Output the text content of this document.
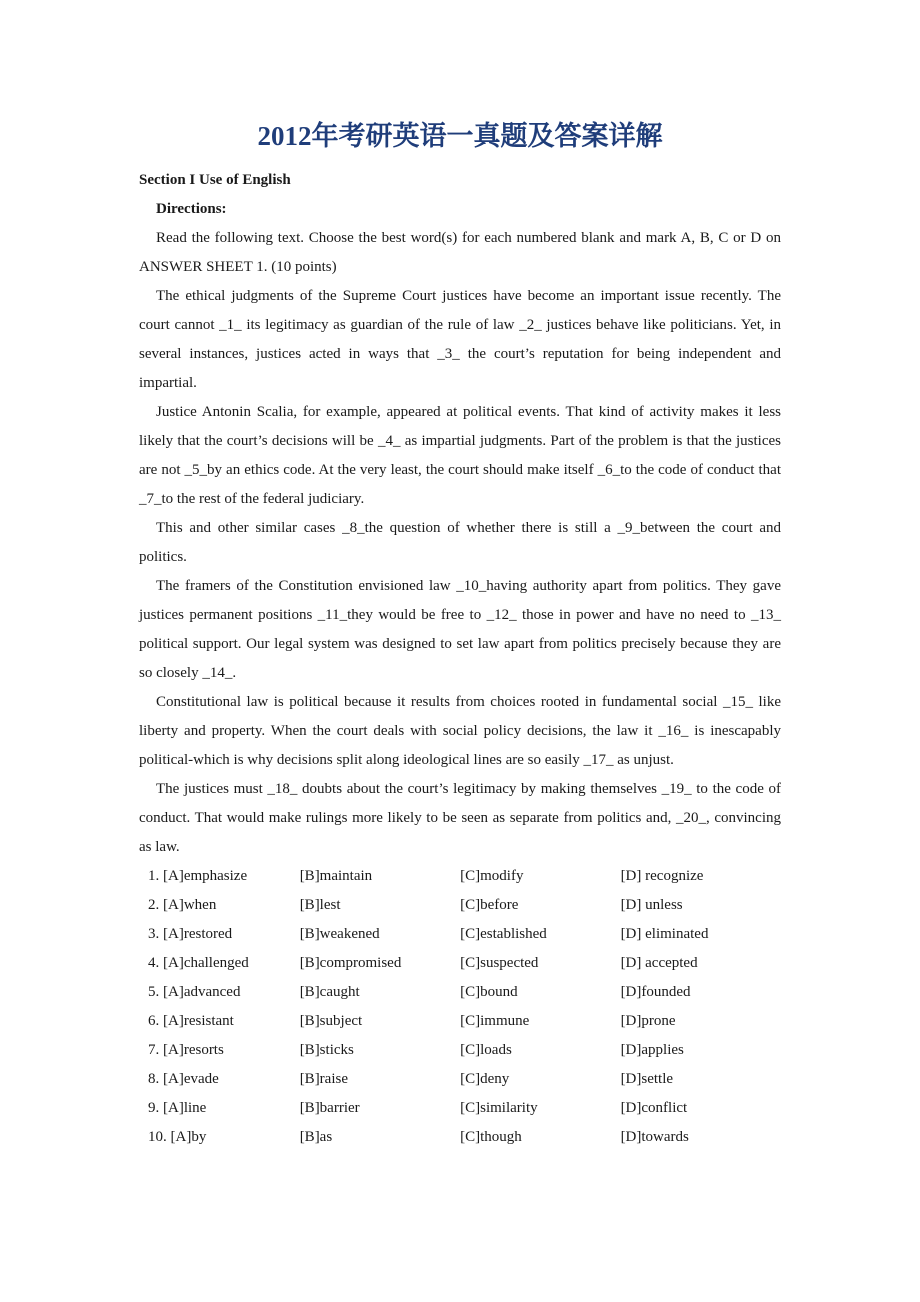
2012年考研英语一真题及答案详解

Section I Use of English

Directions:

Read the following text. Choose the best word(s) for each numbered blank and mark A, B, C or D on ANSWER SHEET 1. (10 points)

The ethical judgments of the Supreme Court justices have become an important issue recently. The court cannot _1_ its legitimacy as guardian of the rule of law _2_ justices behave like politicians. Yet, in several instances, justices acted in ways that _3_ the court’s reputation for being independent and impartial.

Justice Antonin Scalia, for example, appeared at political events. That kind of activity makes it less likely that the court’s decisions will be _4_ as impartial judgments. Part of the problem is that the justices are not _5_by an ethics code. At the very least, the court should make itself _6_to the code of conduct that _7_to the rest of the federal judiciary.

This and other similar cases _8_the question of whether there is still a _9_between the court and politics.

The framers of the Constitution envisioned law _10_having authority apart from politics. They gave justices permanent positions _11_they would be free to _12_ those in power and have no need to _13_ political support. Our legal system was designed to set law apart from politics precisely because they are so closely _14_.

Constitutional law is political because it results from choices rooted in fundamental social _15_ like liberty and property. When the court deals with social policy decisions, the law it _16_ is inescapably political-which is why decisions split along ideological lines are so easily _17_ as unjust.

The justices must _18_ doubts about the court’s legitimacy by making themselves _19_ to the code of conduct. That would make rulings more likely to be seen as separate from politics and, _20_, convincing as law.

1. [A]emphasize	[B]maintain	[C]modify	[D] recognize
2. [A]when	[B]lest	[C]before	[D] unless
3. [A]restored	[B]weakened	[C]established	[D] eliminated
4. [A]challenged	[B]compromised	[C]suspected	[D] accepted
5. [A]advanced	[B]caught	[C]bound	[D]founded
6. [A]resistant	[B]subject	[C]immune	[D]prone
7. [A]resorts	[B]sticks	[C]loads	[D]applies
8. [A]evade	[B]raise	[C]deny	[D]settle
9. [A]line	[B]barrier	[C]similarity	[D]conflict
10. [A]by	[B]as	[C]though	[D]towards
